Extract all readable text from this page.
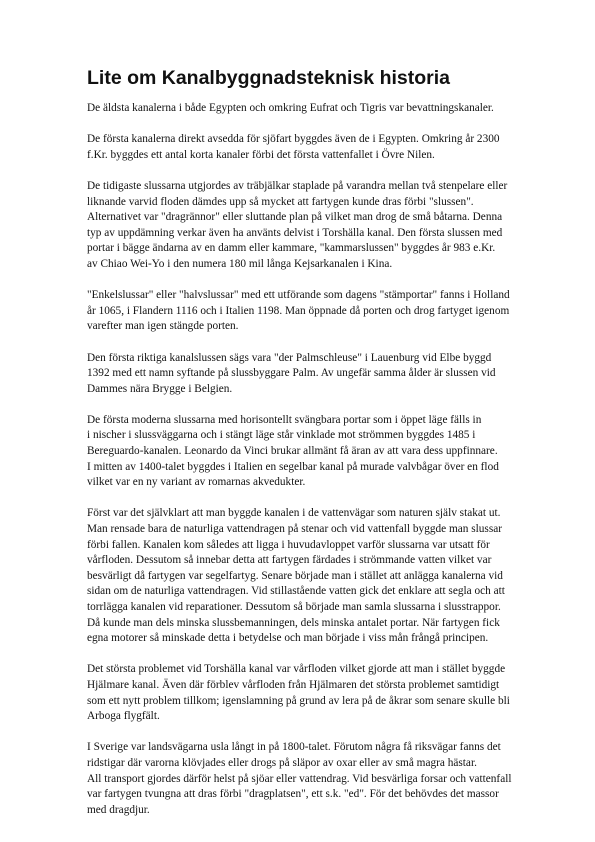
Lite om Kanalbyggnadsteknisk historia
De äldsta kanalerna i både Egypten och omkring Eufrat och Tigris var bevattningskanaler.
De första kanalerna direkt avsedda för sjöfart byggdes även de i Egypten. Omkring år 2300
f.Kr. byggdes ett antal korta kanaler förbi det första vattenfallet i Övre Nilen.
De tidigaste slussarna utgjordes av träbjälkar staplade på varandra mellan två stenpelare eller
liknande varvid floden dämdes upp så mycket att fartygen kunde dras förbi "slussen".
Alternativet var "dragrännor" eller sluttande plan på vilket man drog de små båtarna. Denna
typ av uppdämning verkar även ha använts delvist i Torshälla kanal. Den första slussen med
portar i bägge ändarna av en damm eller kammare, "kammarslussen" byggdes år 983 e.Kr.
av Chiao Wei-Yo i den numera 180 mil långa Kejsarkanalen i Kina.
"Enkelslussar" eller "halvslussar" med ett utförande som dagens "stämportar" fanns i Holland
år 1065, i Flandern 1116 och i Italien 1198. Man öppnade då porten och drog fartyget igenom
varefter man igen stängde porten.
Den första riktiga kanalslussen sägs vara "der Palmschleuse" i Lauenburg vid Elbe byggd
1392 med ett namn syftande på slussbyggare Palm. Av ungefär samma ålder är slussen vid
Dammes nära Brygge i Belgien.
De första moderna slussarna med horisontellt svängbara portar som i öppet läge fälls in
i nischer i slussväggarna och i stängt läge står vinklade mot strömmen byggdes 1485 i
Bereguardo-kanalen. Leonardo da Vinci brukar allmänt få äran av att vara dess uppfinnare.
I mitten av 1400-talet byggdes i Italien en segelbar kanal på murade valvbågar över en flod
vilket var en ny variant av romarnas akvedukter.
Först var det självklart att man byggde kanalen i de vattenvägar som naturen själv stakat ut.
Man rensade bara de naturliga vattendragen på stenar och vid vattenfall byggde man slussar
förbi fallen. Kanalen kom således att ligga i huvudavloppet varför slussarna var utsatt för
vårfloden. Dessutom så innebar detta att fartygen färdades i strömmande vatten vilket var
besvärligt då fartygen var segelfartyg. Senare började man i stället att anlägga kanalerna vid
sidan om de naturliga vattendragen. Vid stillastående vatten gick det enklare att segla och att
torrlägga kanalen vid reparationer. Dessutom så började man samla slussarna i slusstrappor.
Då kunde man dels minska slussbemanningen, dels minska antalet portar. När fartygen fick
egna motorer så minskade detta i betydelse och man började i viss mån frångå principen.
Det största problemet vid Torshälla kanal var vårfloden vilket gjorde att man i stället byggde
Hjälmare kanal. Även där förblev vårfloden från Hjälmaren det största problemet samtidigt
som ett nytt problem tillkom; igenslamning på grund av lera på de åkrar som senare skulle bli
Arboga flygfält.
I Sverige var landsvägarna usla långt in på 1800-talet. Förutom några få riksvägar fanns det
ridstigar där varorna klövjades eller drogs på släpor av oxar eller av små magra hästar.
All transport gjordes därför helst på sjöar eller vattendrag. Vid besvärliga forsar och vattenfall
var fartygen tvungna att dras förbi "dragplatsen", ett s.k. "ed". För det behövdes det massor
med dragdjur.
